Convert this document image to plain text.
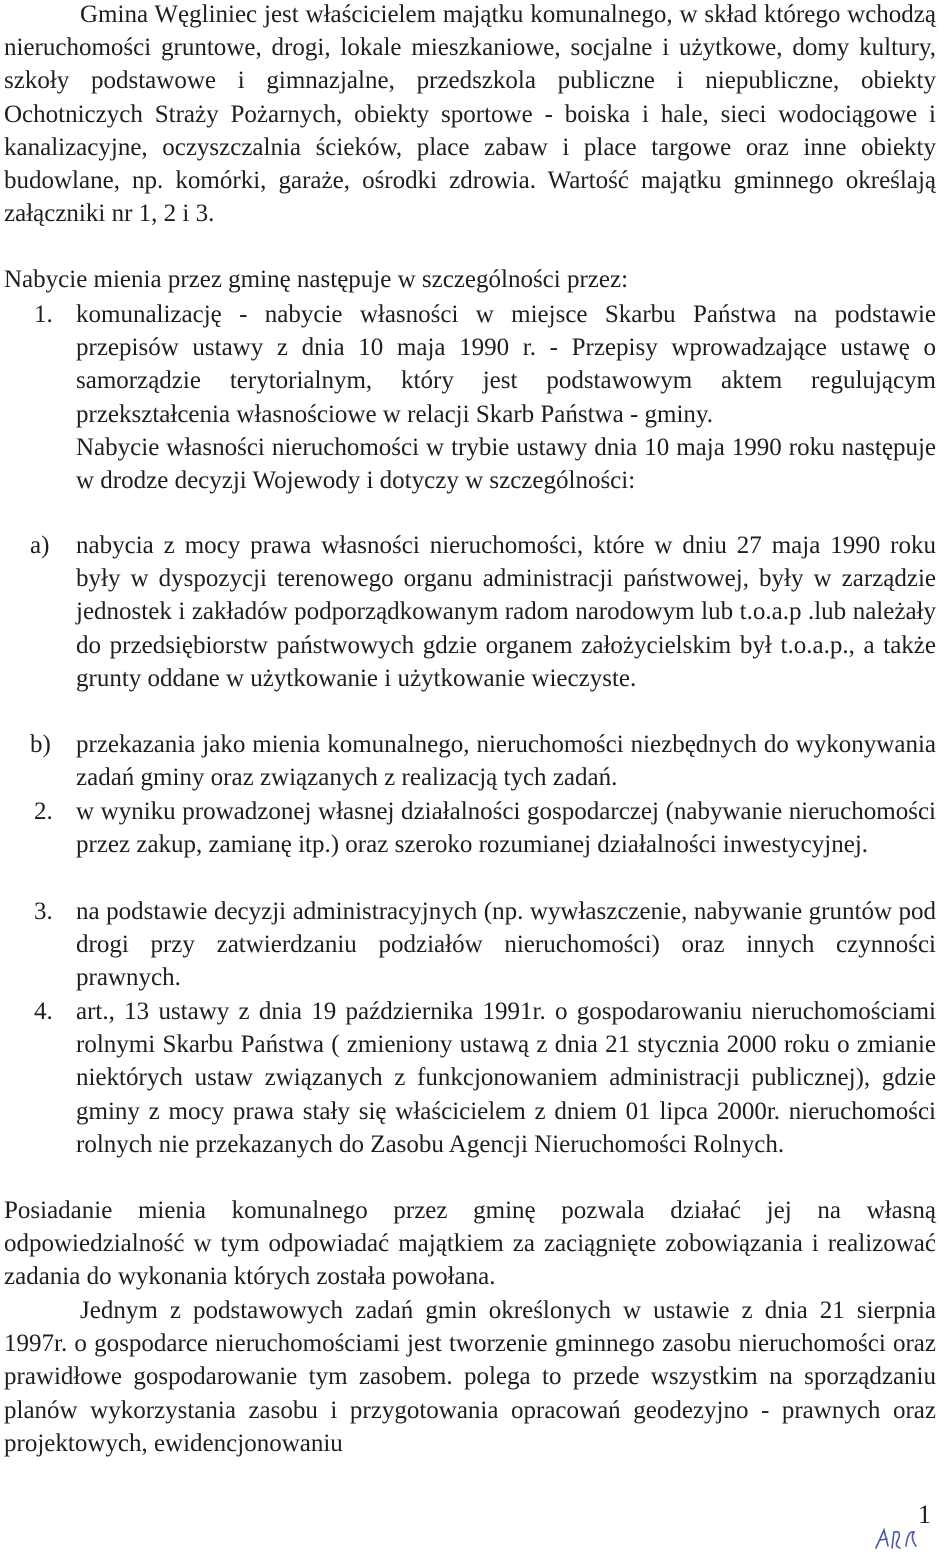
Gmina Węgliniec jest właścicielem majątku komunalnego, w skład którego wchodzą nieruchomości gruntowe, drogi, lokale mieszkaniowe, socjalne i użytkowe, domy kultury, szkoły podstawowe i gimnazjalne, przedszkola publiczne i niepubliczne, obiekty Ochotniczych Straży Pożarnych, obiekty sportowe - boiska i hale, sieci wodociągowe i kanalizacyjne, oczyszczalnia ścieków, place zabaw i place targowe oraz inne obiekty budowlane, np. komórki, garaże, ośrodki zdrowia. Wartość majątku gminnego określają załączniki nr 1, 2 i 3.

Nabycie mienia przez gminę następuje w szczególności przez:

1. komunalizację - nabycie własności w miejsce Skarbu Państwa na podstawie przepisów ustawy z dnia 10 maja 1990 r. - Przepisy wprowadzające ustawę o samorządzie terytorialnym, który jest podstawowym aktem regulującym przekształcenia własnościowe w relacji Skarb Państwa - gminy.
Nabycie własności nieruchomości w trybie ustawy dnia 10 maja 1990 roku następuje w drodze decyzji Wojewody i dotyczy w szczególności:
a) nabycia z mocy prawa własności nieruchomości, które w dniu 27 maja 1990 roku były w dyspozycji terenowego organu administracji państwowej, były w zarządzie jednostek i zakładów podporządkowanym radom narodowym lub t.o.a.p .lub należały do przedsiębiorstw państwowych gdzie organem założycielskim był t.o.a.p., a także grunty oddane w użytkowanie i użytkowanie wieczyste.
b) przekazania jako mienia komunalnego, nieruchomości niezbędnych do wykonywania zadań gminy oraz związanych z realizacją tych zadań.
2. w wyniku prowadzonej własnej działalności gospodarczej (nabywanie nieruchomości przez zakup, zamianę itp.) oraz szeroko rozumianej działalności inwestycyjnej.
3. na podstawie decyzji administracyjnych (np. wywłaszczenie, nabywanie gruntów pod drogi przy zatwierdzaniu podziałów nieruchomości) oraz innych czynności prawnych.
4. art., 13 ustawy z dnia 19 października 1991r. o gospodarowaniu nieruchomościami rolnymi Skarbu Państwa ( zmieniony ustawą z dnia 21 stycznia 2000 roku o zmianie niektórych ustaw związanych z funkcjonowaniem administracji publicznej), gdzie gminy z mocy prawa stały się właścicielem z dniem 01 lipca 2000r. nieruchomości rolnych nie przekazanych do Zasobu Agencji Nieruchomości Rolnych.

Posiadanie mienia komunalnego przez gminę pozwala działać jej na własną odpowiedzialność w tym odpowiadać majątkiem za zaciągnięte zobowiązania i realizować zadania do wykonania których została powołana.

Jednym z podstawowych zadań gmin określonych w ustawie z dnia 21 sierpnia 1997r. o gospodarce nieruchomościami jest tworzenie gminnego zasobu nieruchomości oraz prawidłowe gospodarowanie tym zasobem. polega to przede wszystkim na sporządzaniu planów wykorzystania zasobu i przygotowania opracowań geodezyjno - prawnych oraz projektowych, ewidencjonowaniu

1
